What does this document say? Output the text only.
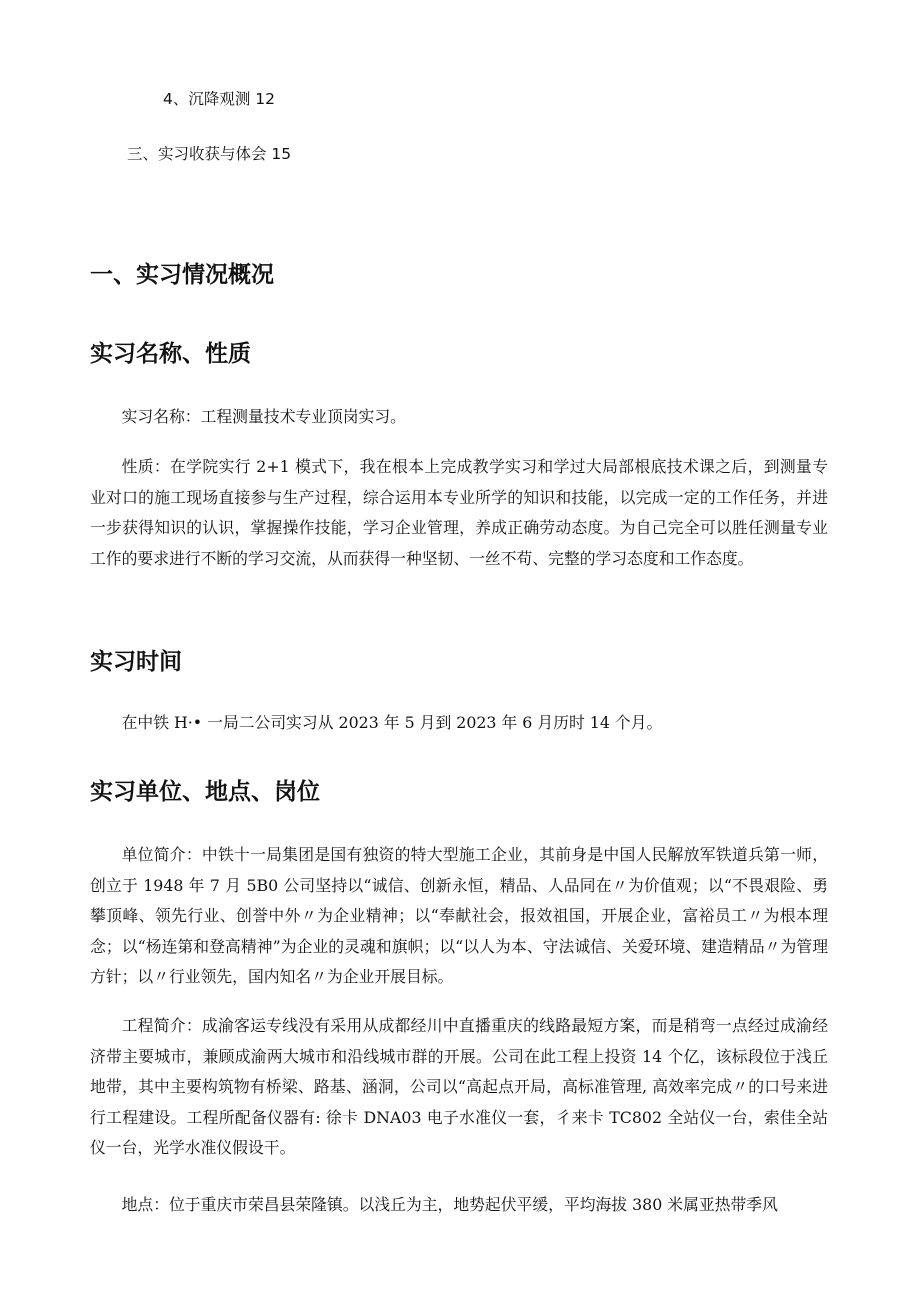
4、沉降观测 12
三、实习收获与体会 15
一、实习情况概况
实习名称、性质

实习名称：工程测量技术专业顶岗实习。

性质：在学院实行 2+1 模式下，我在根本上完成教学实习和学过大局部根底技术课之后，到测量专业对口的施工现场直接参与生产过程，综合运用本专业所学的知识和技能，以完成一定的工作任务，并进一步获得知识的认识，掌握操作技能，学习企业管理，养成正确劳动态度。为自己完全可以胜任测量专业工作的要求进行不断的学习交流，从而获得一种坚韧、一丝不苟、完整的学习态度和工作态度。

实习时间

在中铁 H·• 一局二公司实习从 2023 年 5 月到 2023 年 6 月历时 14 个月。

实习单位、地点、岗位

单位简介：中铁十一局集团是国有独资的特大型施工企业，其前身是中国人民解放军铁道兵第一师，创立于 1948 年 7 月 5B0 公司坚持以“诚信、创新永恒，精品、人品同在〃为价值观；以“不畏艰险、勇攀顶峰、领先行业、创誉中外〃为企业精神；以“奉献社会，报效祖国，开展企业，富裕员工〃为根本理念；以“杨连第和登高精神”为企业的灵魂和旗帜；以“以人为本、守法诚信、关爱环境、建造精品〃为管理方针；以〃行业领先，国内知名〃为企业开展目标。

工程简介：成渝客运专线没有采用从成都经川中直播重庆的线路最短方案，而是稍弯一点经过成渝经济带主要城市，兼顾成渝两大城市和沿线城市群的开展。公司在此工程上投资 14 个亿，该标段位于浅丘地带，其中主要构筑物有桥梁、路基、涵洞，公司以“高起点开局，高标准管理, 高效率完成〃的口号来进行工程建设。工程所配备仪器有: 徐卡 DNA03 电子水准仪一套，彳来卡 TC802 全站仪一台，索佳全站仪一台，光学水准仪假设干。

地点：位于重庆市荣昌县荣隆镇。以浅丘为主，地势起伏平缓，平均海拔 380 米属亚热带季风
